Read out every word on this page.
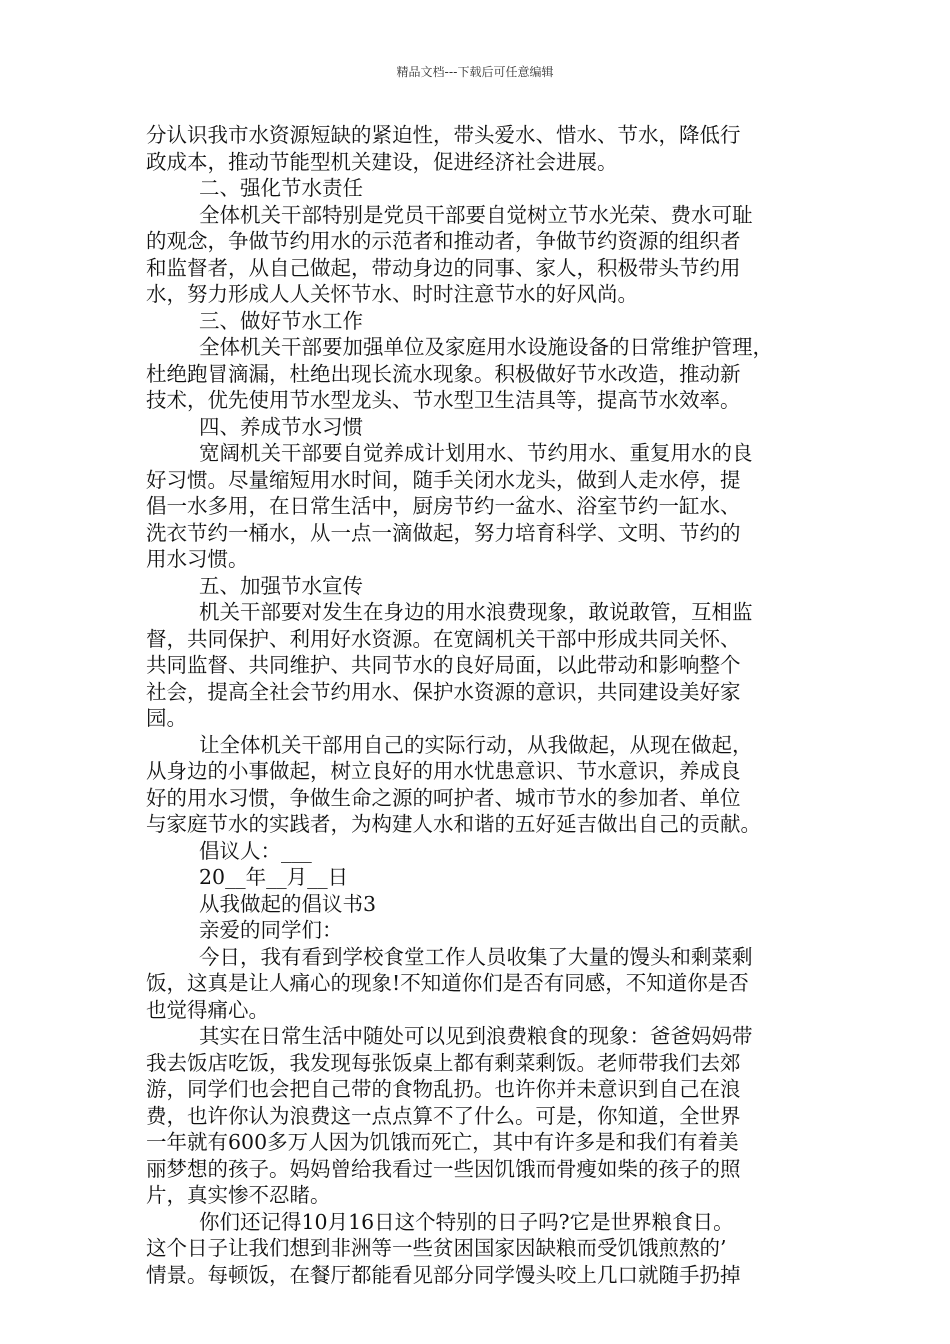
精品文档---下载后可任意编辑
分认识我市水资源短缺的紧迫性，带头爱水、惜水、节水，降低行
政成本，推动节能型机关建设，促进经济社会进展。
二、强化节水责任
全体机关干部特别是党员干部要自觉树立节水光荣、费水可耻
的观念，争做节约用水的示范者和推动者，争做节约资源的组织者
和监督者，从自己做起，带动身边的同事、家人，积极带头节约用
水，努力形成人人关怀节水、时时注意节水的好风尚。
三、做好节水工作
全体机关干部要加强单位及家庭用水设施设备的日常维护管理，
杜绝跑冒滴漏，杜绝出现长流水现象。积极做好节水改造，推动新
技术，优先使用节水型龙头、节水型卫生洁具等，提高节水效率。
四、养成节水习惯
宽阔机关干部要自觉养成计划用水、节约用水、重复用水的良
好习惯。尽量缩短用水时间，随手关闭水龙头，做到人走水停，提
倡一水多用，在日常生活中，厨房节约一盆水、浴室节约一缸水、
洗衣节约一桶水，从一点一滴做起，努力培育科学、文明、节约的
用水习惯。
五、加强节水宣传
机关干部要对发生在身边的用水浪费现象，敢说敢管，互相监
督，共同保护、利用好水资源。在宽阔机关干部中形成共同关怀、
共同监督、共同维护、共同节水的良好局面，以此带动和影响整个
社会，提高全社会节约用水、保护水资源的意识，共同建设美好家
园。
让全体机关干部用自己的实际行动，从我做起，从现在做起，
从身边的小事做起，树立良好的用水忧患意识、节水意识，养成良
好的用水习惯，争做生命之源的呵护者、城市节水的参加者、单位
与家庭节水的实践者，为构建人水和谐的五好延吉做出自己的贡献。
倡议人：___
20__年__月__日
从我做起的倡议书3
亲爱的同学们：
今日，我有看到学校食堂工作人员收集了大量的馒头和剩菜剩
饭，这真是让人痛心的现象!不知道你们是否有同感，不知道你是否
也觉得痛心。
其实在日常生活中随处可以见到浪费粮食的现象：爸爸妈妈带
我去饭店吃饭，我发现每张饭桌上都有剩菜剩饭。老师带我们去郊
游，同学们也会把自己带的食物乱扔。也许你并未意识到自己在浪
费，也许你认为浪费这一点点算不了什么。可是，你知道，全世界
一年就有600多万人因为饥饿而死亡，其中有许多是和我们有着美
丽梦想的孩子。妈妈曾给我看过一些因饥饿而骨瘦如柴的孩子的照
片，真实惨不忍睹。
你们还记得10月16日这个特别的日子吗?它是世界粮食日。
这个日子让我们想到非洲等一些贫困国家因缺粮而受饥饿煎熬的’
情景。每顿饭，在餐厅都能看见部分同学馒头咬上几口就随手扔掉
